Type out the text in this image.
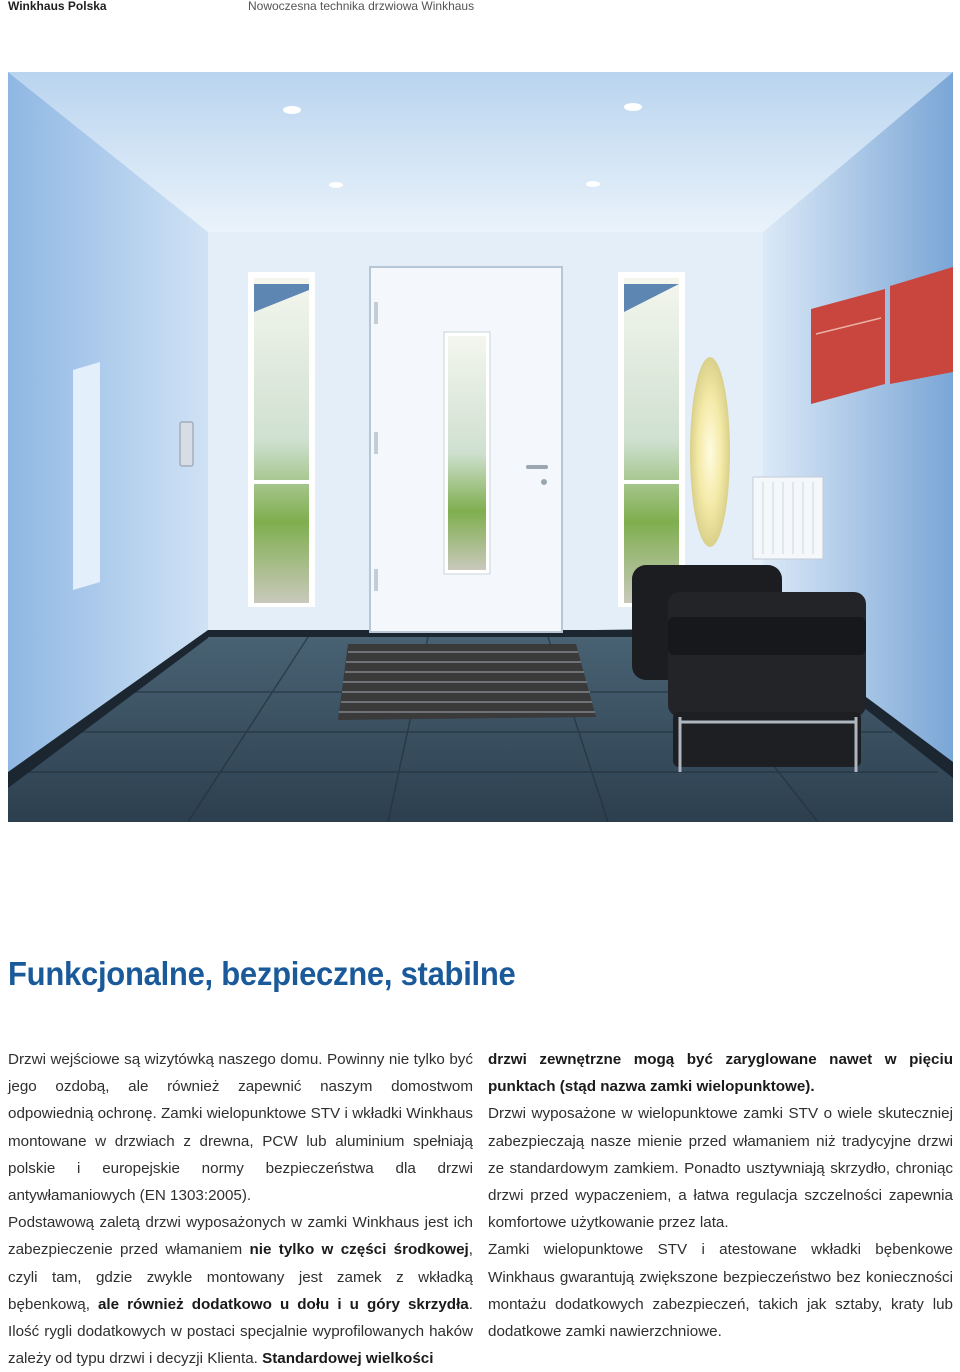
Winkhaus Polska	Nowoczesna technika drzwiowa Winkhaus
Funkcjonalne, bezpieczne, stabilne

Drzwi wejściowe są wizytówką naszego domu. Powinny nie tylko być jego ozdobą, ale również zapewnić naszym domostwom odpowiednią ochronę. Zamki wielopunktowe STV i wkładki Winkhaus montowane w drzwiach z drewna, PCW lub aluminium spełniają polskie i europejskie normy bezpieczeństwa dla drzwi antywłamaniowych (EN 1303:2005).

Podstawową zaletą drzwi wyposażonych w zamki Winkhaus jest ich zabezpieczenie przed włamaniem nie tylko w części środkowej, czyli tam, gdzie zwykle montowany jest zamek z wkładką bębenkową, ale również dodatkowo u dołu i u góry skrzydła. Ilość rygli dodatkowych w postaci specjalnie wyprofilowanych haków zależy od typu drzwi i decyzji Klienta. Standardowej wielkości

drzwi zewnętrzne mogą być zaryglowane nawet w pięciu punktach (stąd nazwa zamki wielopunktowe).

Drzwi wyposażone w wielopunktowe zamki STV o wiele skuteczniej zabezpieczają nasze mienie przed włamaniem niż tradycyjne drzwi ze standardowym zamkiem. Ponadto usztywniają skrzydło, chroniąc drzwi przed wypaczeniem, a łatwa regulacja szczelności zapewnia komfortowe użytkowanie przez lata.

Zamki wielopunktowe STV i atestowane wkładki bębenkowe Winkhaus gwarantują zwiększone bezpieczeństwo bez konieczności montażu dodatkowych zabezpieczeń, takich jak sztaby, kraty lub dodatkowe zamki nawierzchniowe.
